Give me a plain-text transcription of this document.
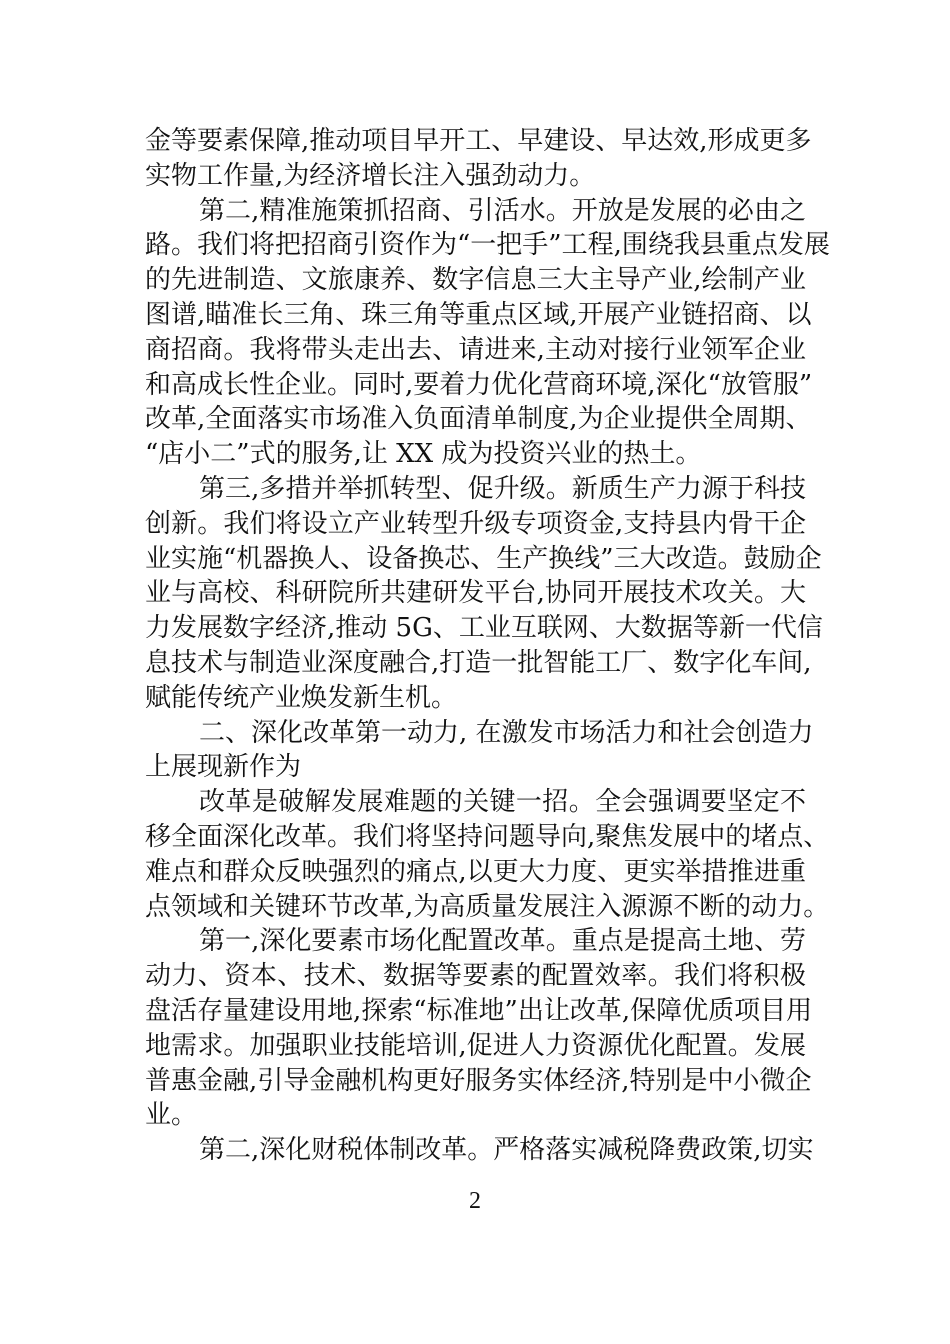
金等要素保障,推动项目早开工、早建设、早达效,形成更多
实物工作量,为经济增长注入强劲动力。
第二,精准施策抓招商、引活水。开放是发展的必由之
路。我们将把招商引资作为“一把手”工程,围绕我县重点发展
的先进制造、文旅康养、数字信息三大主导产业,绘制产业
图谱,瞄准长三角、珠三角等重点区域,开展产业链招商、以
商招商。我将带头走出去、请进来,主动对接行业领军企业
和高成长性企业。同时,要着力优化营商环境,深化“放管服”
改革,全面落实市场准入负面清单制度,为企业提供全周期、
“店小二”式的服务,让 XX 成为投资兴业的热土。
第三,多措并举抓转型、促升级。新质生产力源于科技
创新。我们将设立产业转型升级专项资金,支持县内骨干企
业实施“机器换人、设备换芯、生产换线”三大改造。鼓励企
业与高校、科研院所共建研发平台,协同开展技术攻关。大
力发展数字经济,推动 5G、工业互联网、大数据等新一代信
息技术与制造业深度融合,打造一批智能工厂、数字化车间,
赋能传统产业焕发新生机。
二、深化改革第一动力, 在激发市场活力和社会创造力
上展现新作为
改革是破解发展难题的关键一招。全会强调要坚定不
移全面深化改革。我们将坚持问题导向,聚焦发展中的堵点、
难点和群众反映强烈的痛点,以更大力度、更实举措推进重
点领域和关键环节改革,为高质量发展注入源源不断的动力。
第一,深化要素市场化配置改革。重点是提高土地、劳
动力、资本、技术、数据等要素的配置效率。我们将积极
盘活存量建设用地,探索“标准地”出让改革,保障优质项目用
地需求。加强职业技能培训,促进人力资源优化配置。发展
普惠金融,引导金融机构更好服务实体经济,特别是中小微企
业。
第二,深化财税体制改革。严格落实减税降费政策,切实
2
